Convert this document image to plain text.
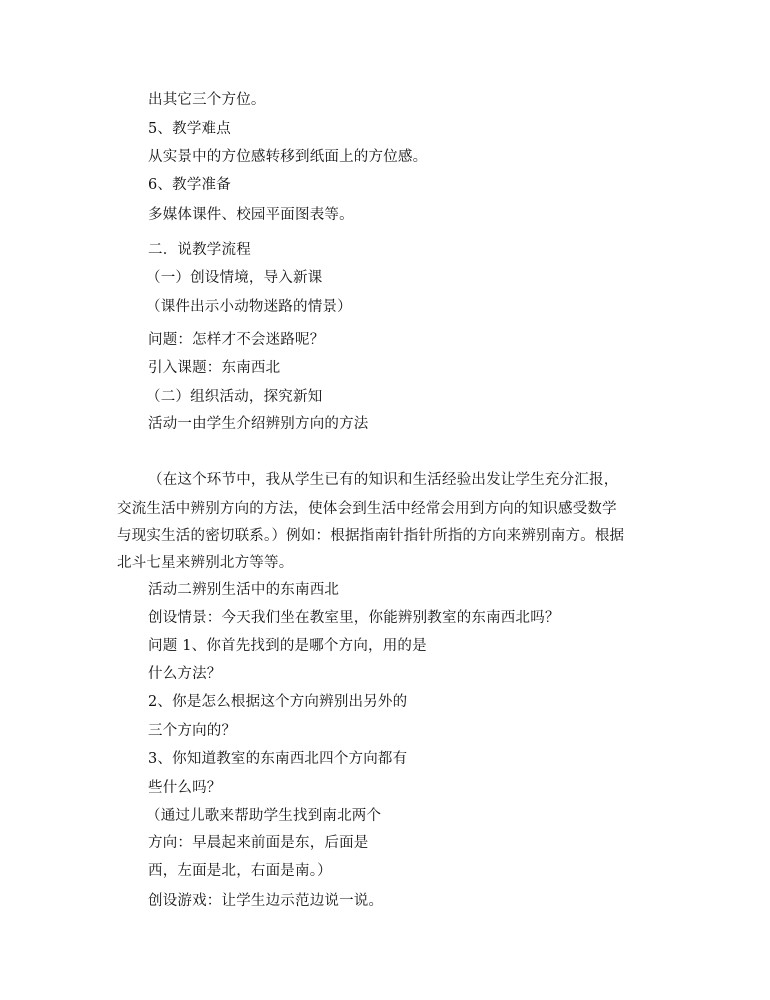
出其它三个方位。
5、教学难点
从实景中的方位感转移到纸面上的方位感。
6、教学准备
多媒体课件、校园平面图表等。
二．说教学流程
（一）创设情境，导入新课
（课件出示小动物迷路的情景）
问题：怎样才不会迷路呢？
引入课题：东南西北
（二）组织活动，探究新知
活动一由学生介绍辨别方向的方法
（在这个环节中，我从学生已有的知识和生活经验出发让学生充分汇报，
交流生活中辨别方向的方法，使体会到生活中经常会用到方向的知识感受数学
与现实生活的密切联系。）例如：根据指南针指针所指的方向来辨别南方。根据
北斗七星来辨别北方等等。
活动二辨别生活中的东南西北
创设情景：今天我们坐在教室里，你能辨别教室的东南西北吗？
问题 1、你首先找到的是哪个方向，用的是
什么方法？
2、你是怎么根据这个方向辨别出另外的
三个方向的？
3、你知道教室的东南西北四个方向都有
些什么吗？
（通过儿歌来帮助学生找到南北两个
方向：早晨起来前面是东，后面是
西，左面是北，右面是南。）
创设游戏：让学生边示范边说一说。
